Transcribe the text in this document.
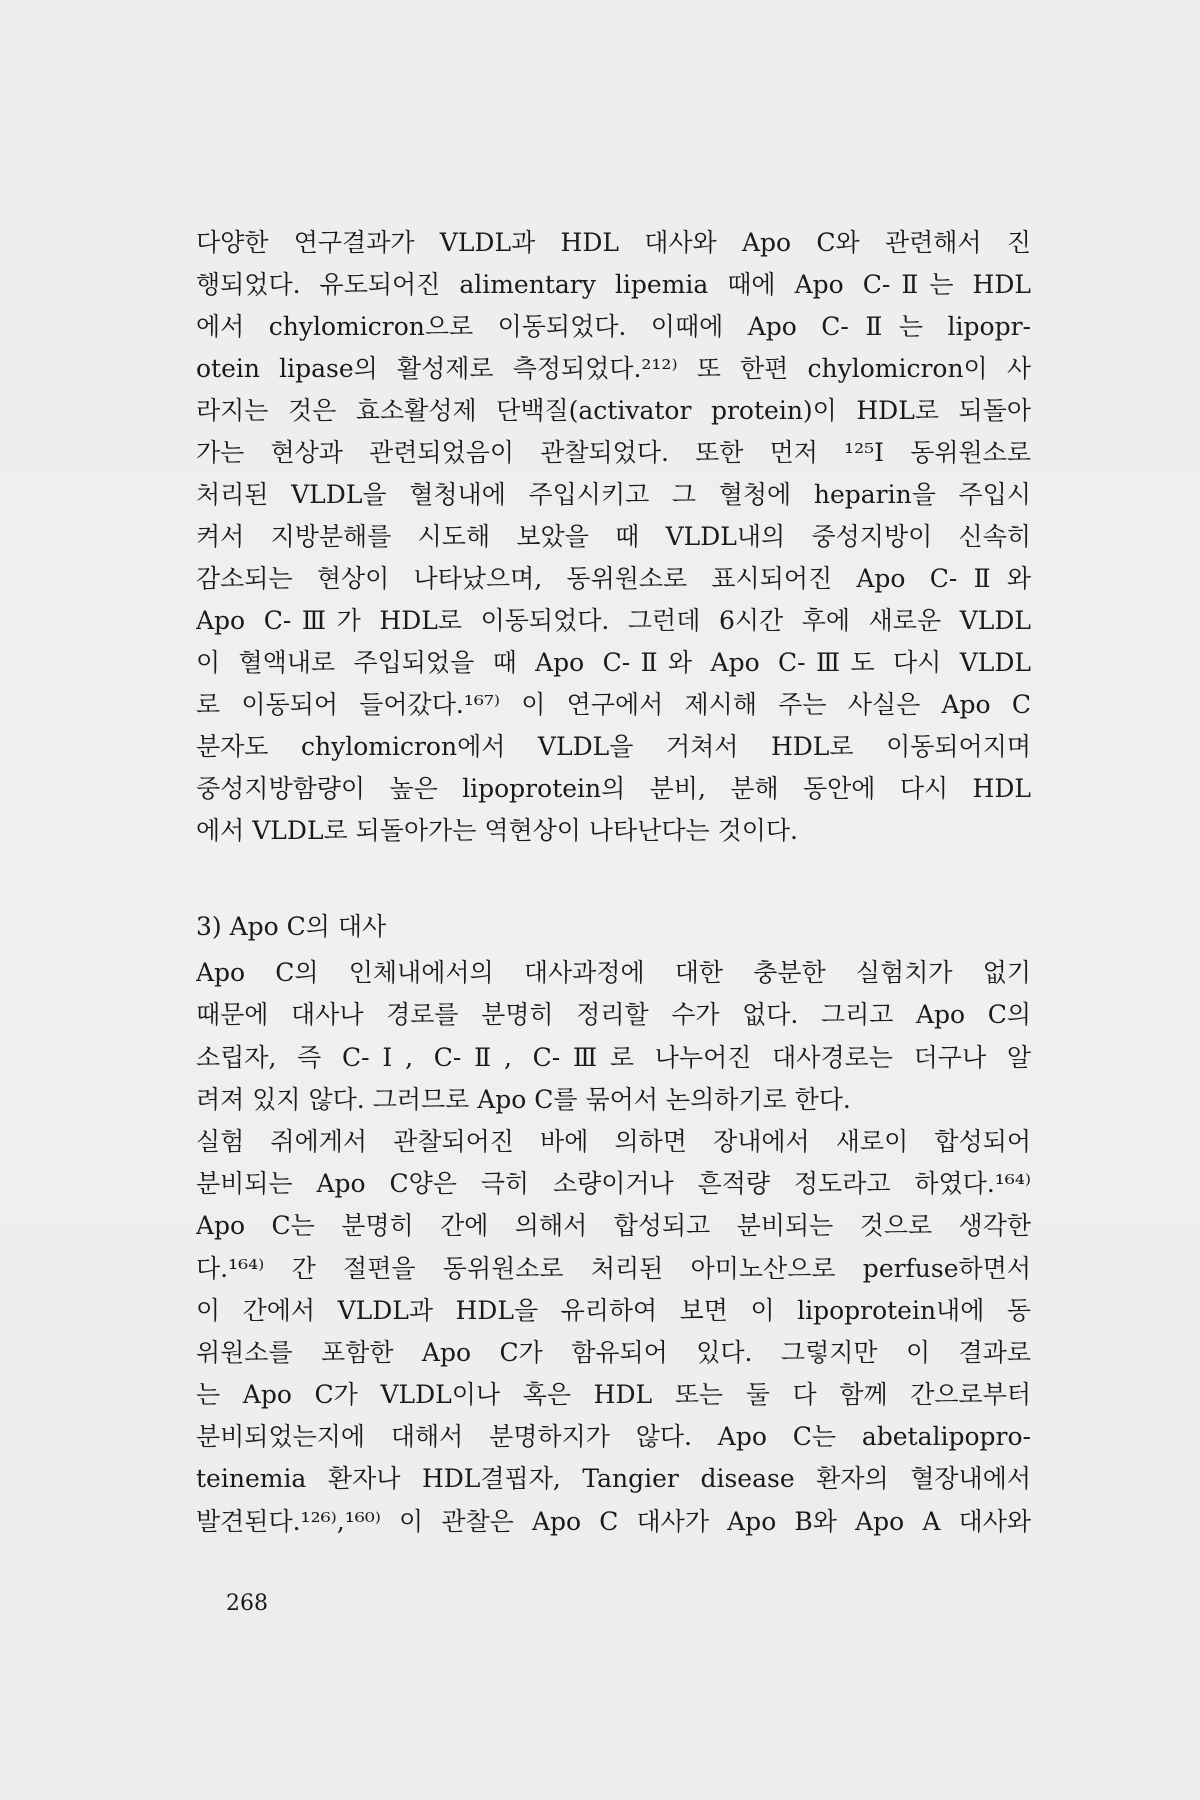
다양한 연구결과가 VLDL과 HDL 대사와 Apo C와 관련해서 진
행되었다. 유도되어진 alimentary lipemia 때에 Apo C-Ⅱ는 HDL
에서 chylomicron으로 이동되었다. 이때에 Apo C-Ⅱ는 lipopr-
otein lipase의 활성제로 측정되었다.²¹²⁾ 또 한편 chylomicron이 사
라지는 것은 효소활성제 단백질(activator protein)이 HDL로 되돌아
가는 현상과 관련되었음이 관찰되었다. 또한 먼저 ¹²⁵I 동위원소로
처리된 VLDL을 혈청내에 주입시키고 그 혈청에 heparin을 주입시
켜서 지방분해를 시도해 보았을 때 VLDL내의 중성지방이 신속히
감소되는 현상이 나타났으며, 동위원소로 표시되어진 Apo C-Ⅱ와
Apo C-Ⅲ가 HDL로 이동되었다. 그런데 6시간 후에 새로운 VLDL
이 혈액내로 주입되었을 때 Apo C-Ⅱ와 Apo C-Ⅲ도 다시 VLDL
로 이동되어 들어갔다.¹⁶⁷⁾ 이 연구에서 제시해 주는 사실은 Apo C
분자도 chylomicron에서 VLDL을 거쳐서 HDL로 이동되어지며
중성지방함량이 높은 lipoprotein의 분비, 분해 동안에 다시 HDL
에서 VLDL로 되돌아가는 역현상이 나타난다는 것이다.
3) Apo C의 대사
Apo C의 인체내에서의 대사과정에 대한 충분한 실험치가 없기
때문에 대사나 경로를 분명히 정리할 수가 없다. 그리고 Apo C의
소립자, 즉 C-Ⅰ, C-Ⅱ, C-Ⅲ로 나누어진 대사경로는 더구나 알
려져 있지 않다. 그러므로 Apo C를 묶어서 논의하기로 한다.
실험 쥐에게서 관찰되어진 바에 의하면 장내에서 새로이 합성되어
분비되는 Apo C양은 극히 소량이거나 흔적량 정도라고 하였다.¹⁶⁴⁾
Apo C는 분명히 간에 의해서 합성되고 분비되는 것으로 생각한
다.¹⁶⁴⁾ 간 절편을 동위원소로 처리된 아미노산으로 perfuse하면서
이 간에서 VLDL과 HDL을 유리하여 보면 이 lipoprotein내에 동
위원소를 포함한 Apo C가 함유되어 있다. 그렇지만 이 결과로
는 Apo C가 VLDL이나 혹은 HDL 또는 둘 다 함께 간으로부터
분비되었는지에 대해서 분명하지가 않다. Apo C는 abetalipopro-
teinemia 환자나 HDL결핍자, Tangier disease 환자의 혈장내에서
발견된다.¹²⁶⁾,¹⁶⁰⁾ 이 관찰은 Apo C 대사가 Apo B와 Apo A 대사와
268
